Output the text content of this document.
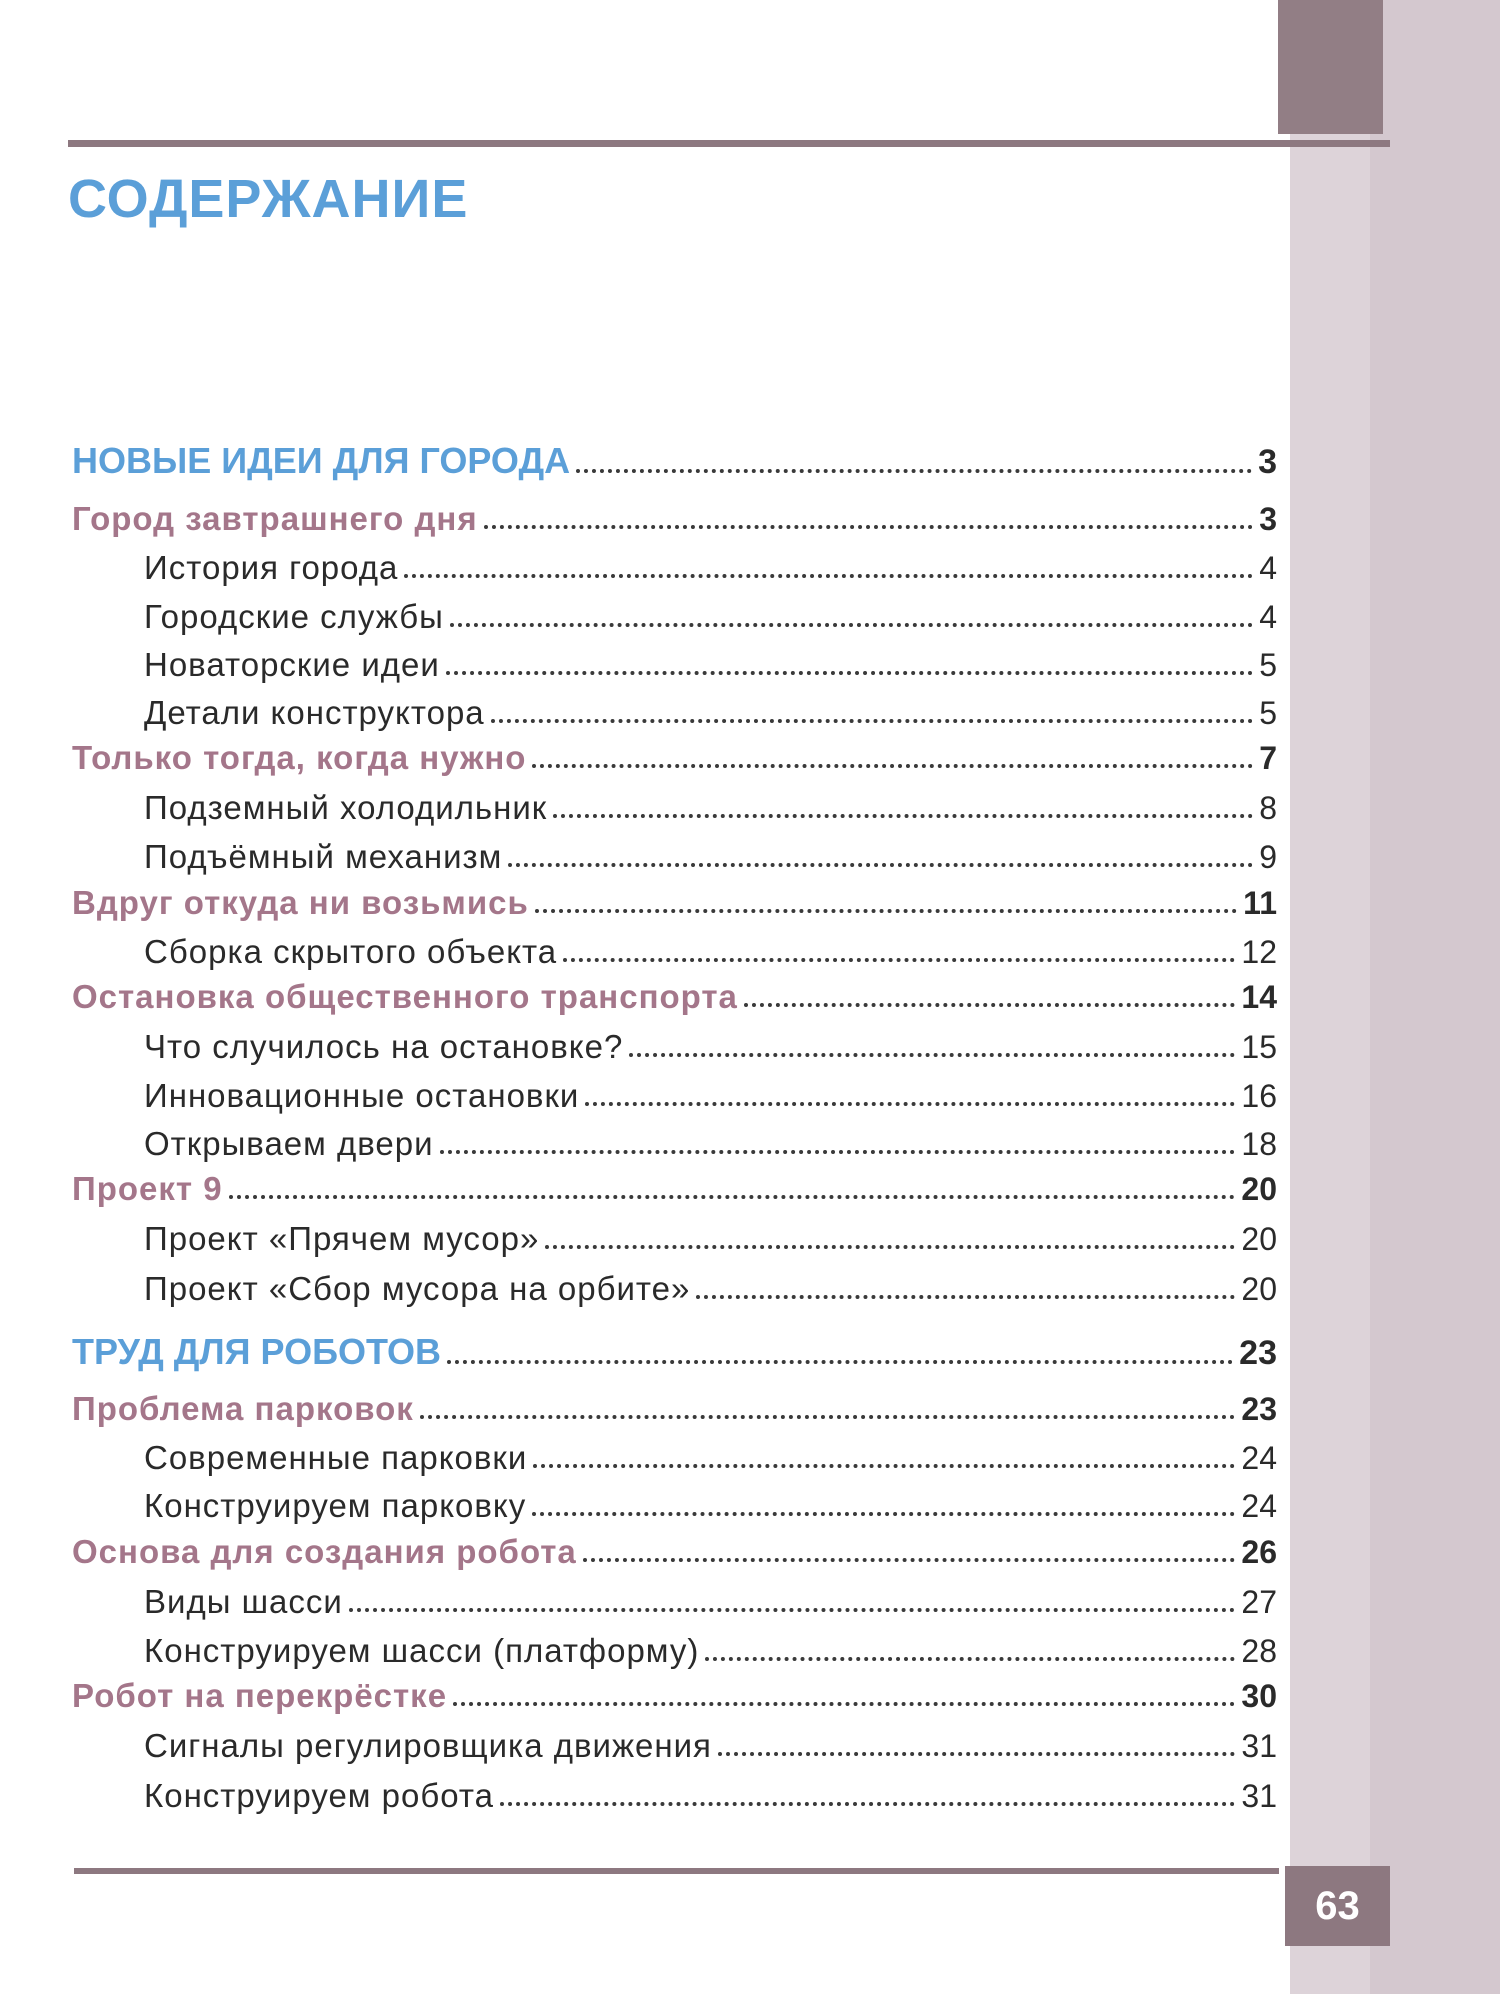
СОДЕРЖАНИЕ
НОВЫЕ ИДЕИ ДЛЯ ГОРОДА	3
Город завтрашнего дня	3
История города	4
Городские службы	4
Новаторские идеи	5
Детали конструктора	5
Только тогда, когда нужно	7
Подземный холодильник	8
Подъёмный механизм	9
Вдруг откуда ни возьмись	11
Сборка скрытого объекта	12
Остановка общественного транспорта	14
Что случилось на остановке?	15
Инновационные остановки	16
Открываем двери	18
Проект 9	20
Проект «Прячем мусор»	20
Проект «Сбор мусора на орбите»	20
ТРУД ДЛЯ РОБОТОВ	23
Проблема парковок	23
Современные парковки	24
Конструируем парковку	24
Основа для создания робота	26
Виды шасси	27
Конструируем шасси (платформу)	28
Робот на перекрёстке	30
Сигналы регулировщика движения	31
Конструируем робота	31
63
